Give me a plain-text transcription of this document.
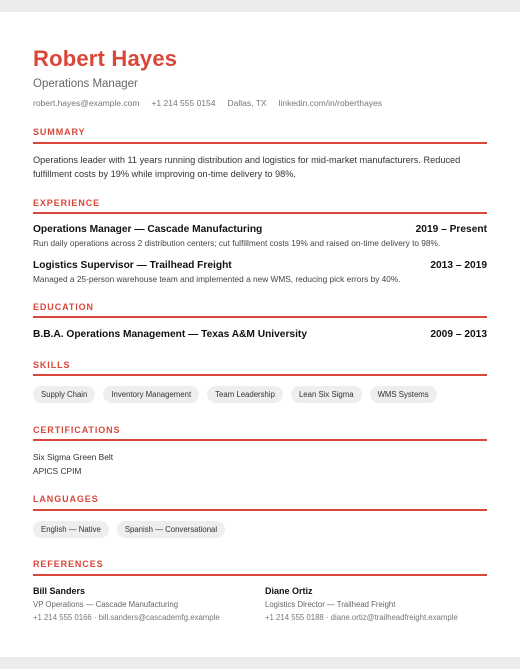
Robert Hayes
Operations Manager
robert.hayes@example.com +1 214 555 0154 Dallas, TX linkedin.com/in/roberthayes
SUMMARY
Operations leader with 11 years running distribution and logistics for mid-market manufacturers. Reduced fulfillment costs by 19% while improving on-time delivery to 98%.
EXPERIENCE
Operations Manager — Cascade Manufacturing	2019 – Present
Run daily operations across 2 distribution centers; cut fulfillment costs 19% and raised on-time delivery to 98%.
Logistics Supervisor — Trailhead Freight	2013 – 2019
Managed a 25-person warehouse team and implemented a new WMS, reducing pick errors by 40%.
EDUCATION
B.B.A. Operations Management — Texas A&M University	2009 – 2013
SKILLS
Supply Chain	Inventory Management	Team Leadership	Lean Six Sigma	WMS Systems
CERTIFICATIONS
Six Sigma Green Belt
APICS CPIM
LANGUAGES
English — Native	Spanish — Conversational
REFERENCES
Bill Sanders
VP Operations — Cascade Manufacturing
+1 214 555 0166 · bill.sanders@cascademfg.example
Diane Ortiz
Logistics Director — Trailhead Freight
+1 214 555 0188 · diane.ortiz@trailheadfreight.example
